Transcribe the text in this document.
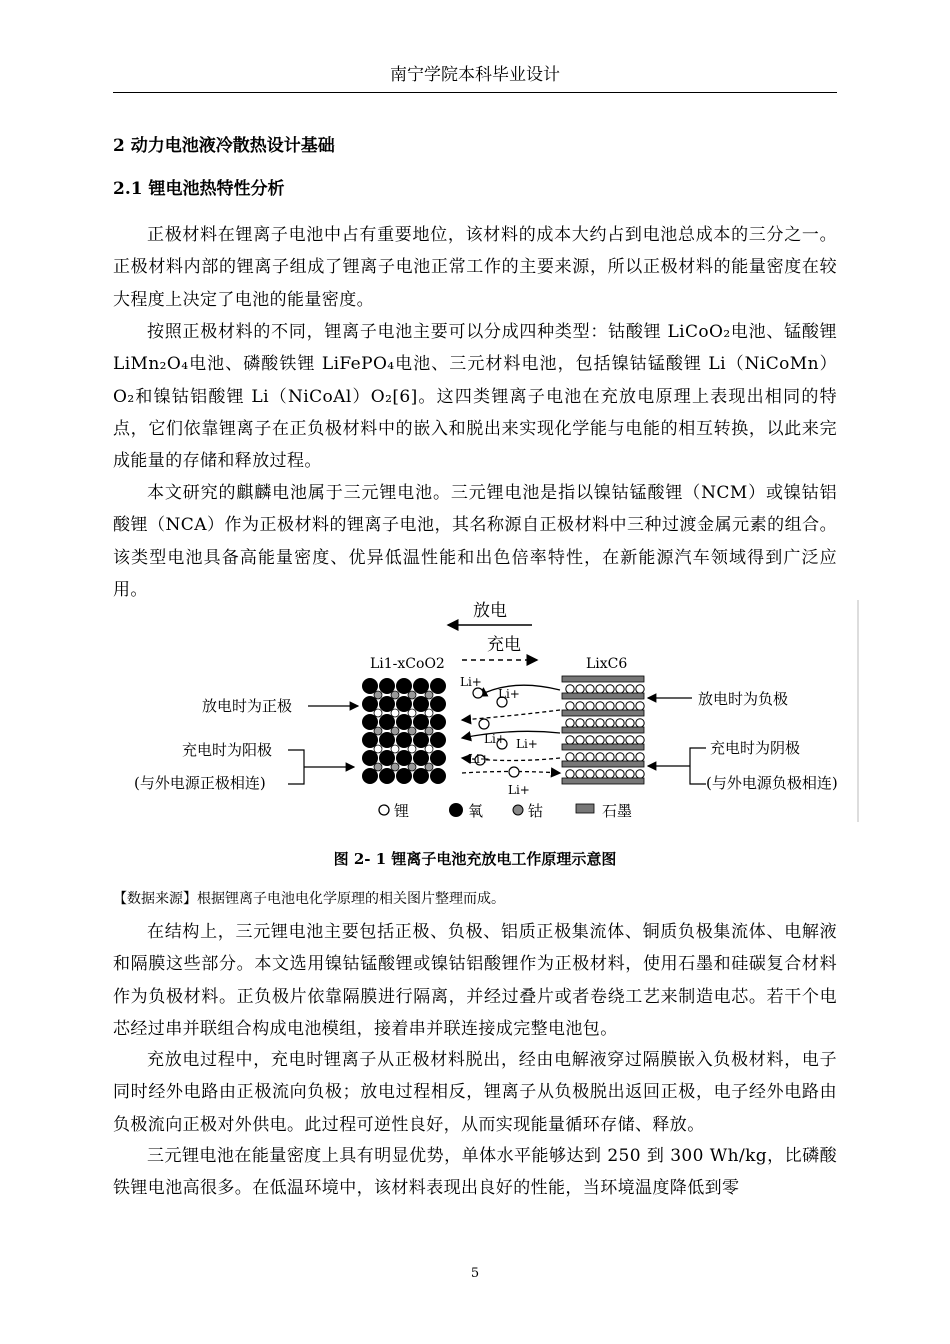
南宁学院本科毕业设计
2 动力电池液冷散热设计基础
2.1 锂电池热特性分析

正极材料在锂离子电池中占有重要地位，该材料的成本大约占到电池总成本的三分之一。正极材料内部的锂离子组成了锂离子电池正常工作的主要来源，所以正极材料的能量密度在较大程度上决定了电池的能量密度。

按照正极材料的不同，锂离子电池主要可以分成四种类型：钴酸锂 LiCoO₂电池、锰酸锂 LiMn₂O₄电池、磷酸铁锂 LiFePO₄电池、三元材料电池，包括镍钴锰酸锂 Li（NiCoMn）O₂和镍钴铝酸锂 Li（NiCoAl）O₂[6]。这四类锂离子电池在充放电原理上表现出相同的特点，它们依靠锂离子在正负极材料中的嵌入和脱出来实现化学能与电能的相互转换，以此来完成能量的存储和释放过程。

本文研究的麒麟电池属于三元锂电池。三元锂电池是指以镍钴锰酸锂（NCM）或镍钴铝酸锂（NCA）作为正极材料的锂离子电池，其名称源自正极材料中三种过渡金属元素的组合。该类型电池具备高能量密度、优异低温性能和出色倍率特性，在新能源汽车领域得到广泛应用。

放电
充电
Li1-xCoO2	LixC6
Li+
Li+
Li+ Li+
Li+
Li+
放电时为正极
充电时为阳极
(与外电源正极相连)
放电时为负极
充电时为阴极
(与外电源负极相连)
锂	氧	钴	石墨
图 2- 1 锂离子电池充放电工作原理示意图
【数据来源】根据锂离子电池电化学原理的相关图片整理而成。

在结构上，三元锂电池主要包括正极、负极、铝质正极集流体、铜质负极集流体、电解液和隔膜这些部分。本文选用镍钴锰酸锂或镍钴铝酸锂作为正极材料，使用石墨和硅碳复合材料作为负极材料。正负极片依靠隔膜进行隔离，并经过叠片或者卷绕工艺来制造电芯。若干个电芯经过串并联组合构成电池模组，接着串并联连接成完整电池包。

充放电过程中，充电时锂离子从正极材料脱出，经由电解液穿过隔膜嵌入负极材料，电子同时经外电路由正极流向负极；放电过程相反，锂离子从负极脱出返回正极，电子经外电路由负极流向正极对外供电。此过程可逆性良好，从而实现能量循环存储、释放。

三元锂电池在能量密度上具有明显优势，单体水平能够达到 250 到 300 Wh/kg，比磷酸铁锂电池高很多。在低温环境中，该材料表现出良好的性能，当环境温度降低到零

5
